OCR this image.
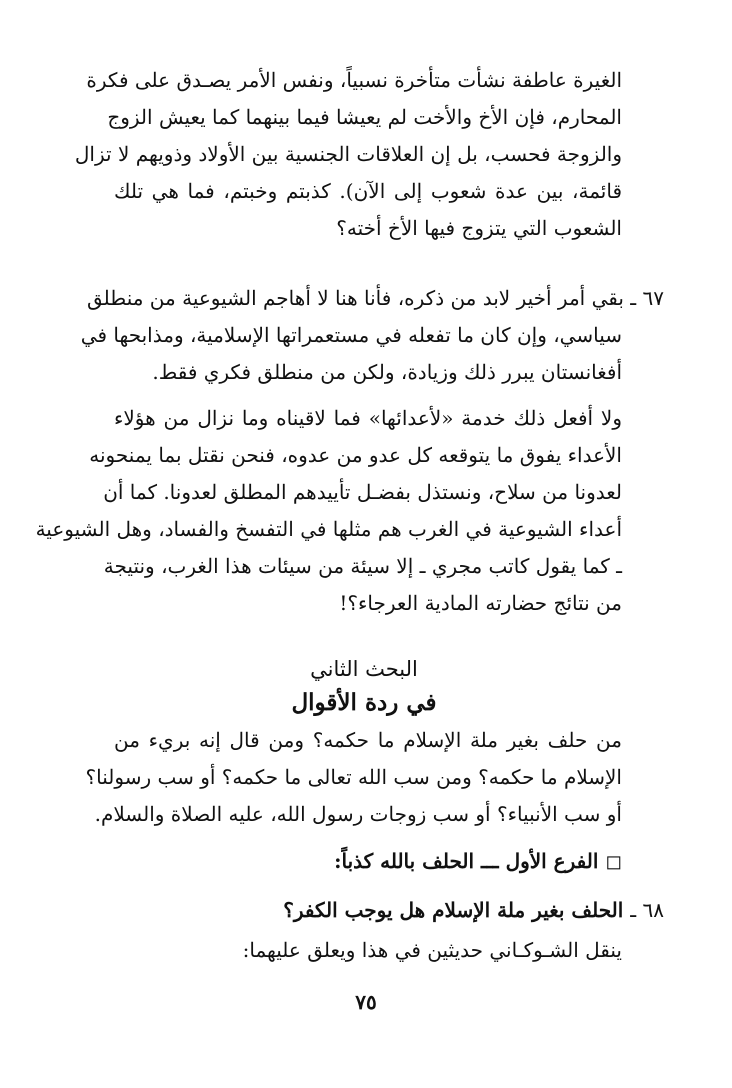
الغيرة عاطفة نشأت متأخرة نسبياً، ونفس الأمر يصـدق على فكرة
المحارم، فإن الأخ والأخت لم يعيشا فيما بينهما كما يعيش الزوج
والزوجة فحسب، بل إن العلاقات الجنسية بين الأولاد وذويهم لا تزال
قائمة، بين عدة شعوب إلى الآن). كذبتم وخبتم، فما هي تلك
الشعوب التي يتزوج فيها الأخ أخته؟
٦٧ ـ بقي أمر أخير لابد من ذكره، فأنا هنا لا أهاجم الشيوعية من منطلق
سياسي، وإن كان ما تفعله في مستعمراتها الإسلامية، ومذابحها في
أفغانستان يبرر ذلك وزيادة، ولكن من منطلق فكري فقط.
ولا أفعل ذلك خدمة «لأعدائها» فما لاقيناه وما نزال من هؤلاء
الأعداء يفوق ما يتوقعه كل عدو من عدوه، فنحن نقتل بما يمنحونه
لعدونا من سلاح، ونستذل بفضـل تأييدهم المطلق لعدونا. كما أن
أعداء الشيوعية في الغرب هم مثلها في التفسخ والفساد، وهل الشيوعية
ـ كما يقول كاتب مجري ـ إلا سيئة من سيئات هذا الغرب، ونتيجة
من نتائج حضارته المادية العرجاء؟!
البحث الثاني
في ردة الأقوال
من حلف بغير ملة الإسلام ما حكمه؟ ومن قال إنه بريء من
الإسلام ما حكمه؟ ومن سب الله تعالى ما حكمه؟ أو سب رسولنا؟
أو سب الأنبياء؟ أو سب زوجات رسول الله، عليه الصلاة والسلام.
◻ الفرع الأول ـــ الحلف بالله كذباً:
٦٨ ـ الحلف بغير ملة الإسلام هل يوجب الكفر؟
ينقل الشـوكـاني حديثين في هذا ويعلق عليهما:
٧٥
